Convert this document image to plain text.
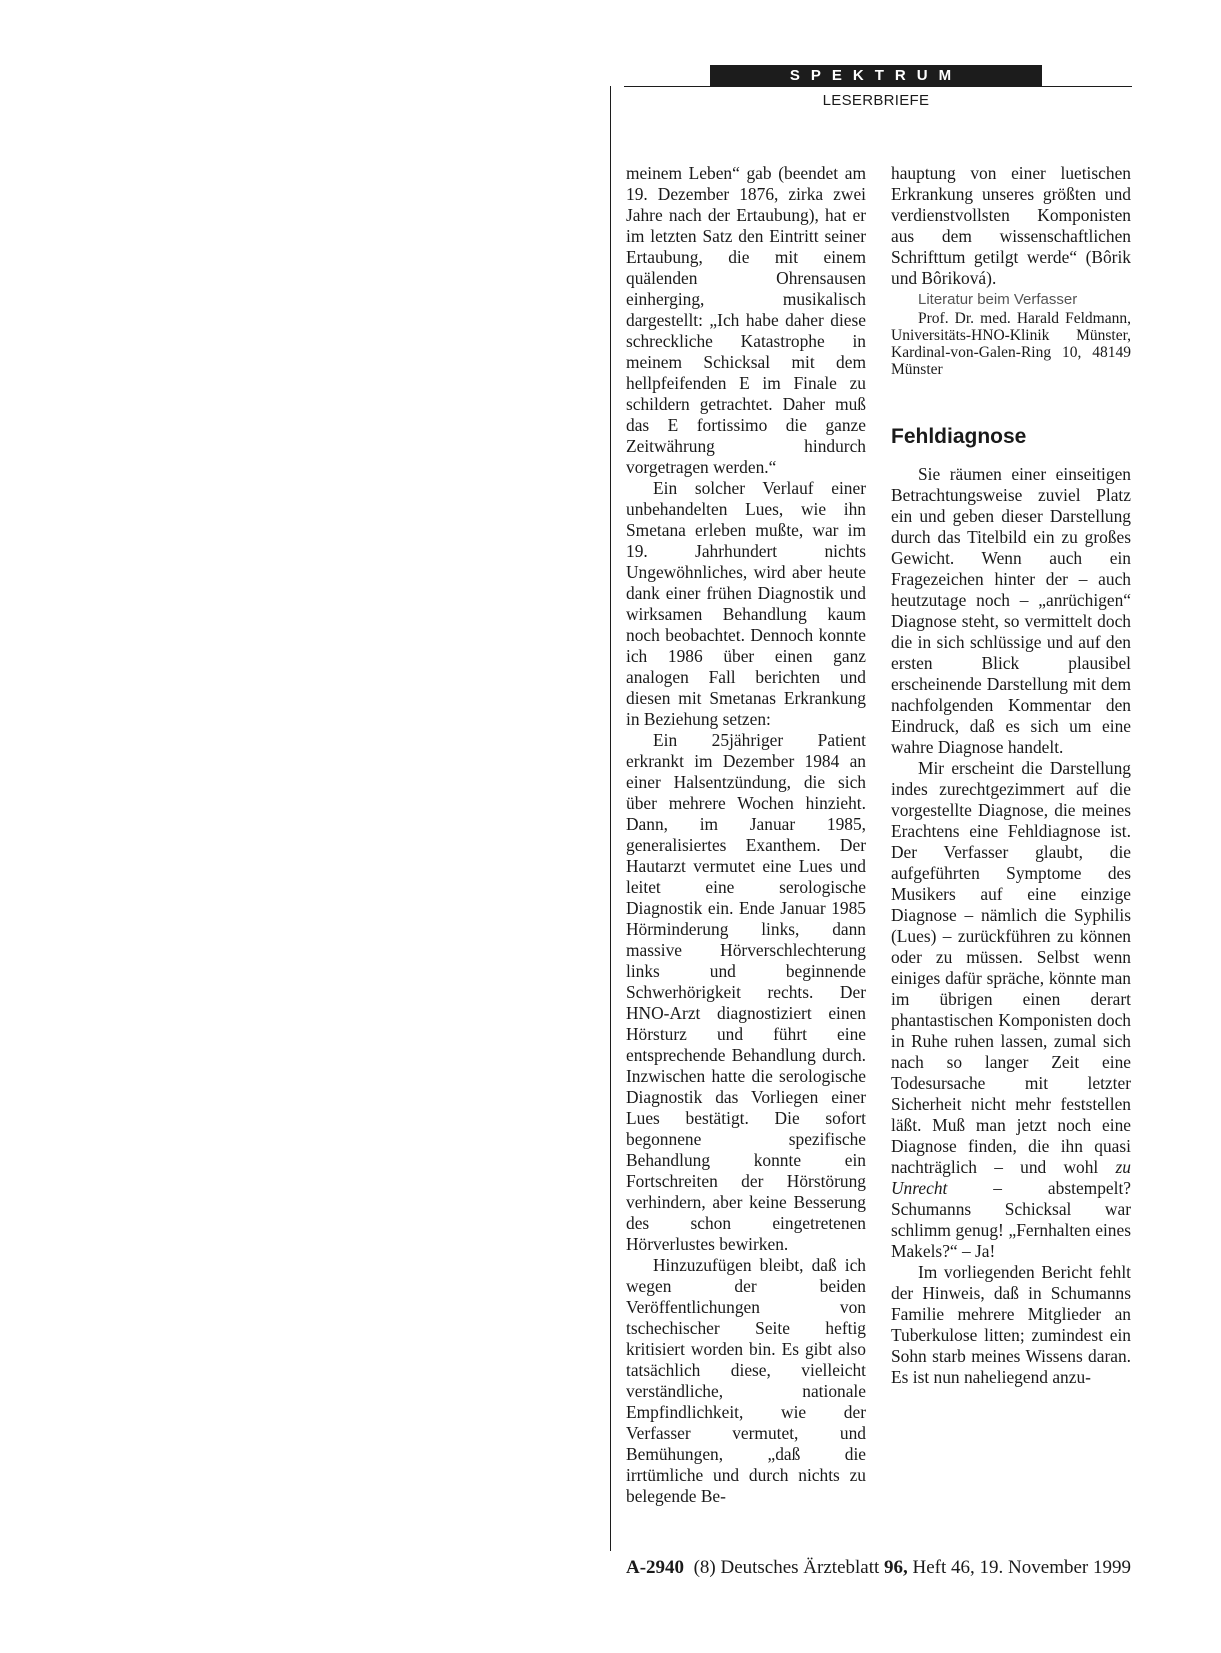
SPEKTRUM
LESERBRIEFE

meinem Leben“ gab (beendet am 19. Dezember 1876, zirka zwei Jahre nach der Ertaubung), hat er im letzten Satz den Eintritt seiner Ertaubung, die mit einem quälenden Ohrensausen einherging, musikalisch dargestellt: „Ich habe daher diese schreckliche Katastrophe in meinem Schicksal mit dem hellpfeifenden E im Finale zu schildern getrachtet. Daher muß das E fortissimo die ganze Zeitwährung hindurch vorgetragen werden.“

Ein solcher Verlauf einer unbehandelten Lues, wie ihn Smetana erleben mußte, war im 19. Jahrhundert nichts Ungewöhnliches, wird aber heute dank einer frühen Diagnostik und wirksamen Behandlung kaum noch beobachtet. Dennoch konnte ich 1986 über einen ganz analogen Fall berichten und diesen mit Smetanas Erkrankung in Beziehung setzen:

Ein 25jähriger Patient erkrankt im Dezember 1984 an einer Halsentzündung, die sich über mehrere Wochen hinzieht. Dann, im Januar 1985, generalisiertes Exanthem. Der Hautarzt vermutet eine Lues und leitet eine serologische Diagnostik ein. Ende Januar 1985 Hörminderung links, dann massive Hörverschlechterung links und beginnende Schwerhörigkeit rechts. Der HNO-Arzt diagnostiziert einen Hörsturz und führt eine entsprechende Behandlung durch. Inzwischen hatte die serologische Diagnostik das Vorliegen einer Lues bestätigt. Die sofort begonnene spezifische Behandlung konnte ein Fortschreiten der Hörstörung verhindern, aber keine Besserung des schon eingetretenen Hörverlustes bewirken.

Hinzuzufügen bleibt, daß ich wegen der beiden Veröffentlichungen von tschechischer Seite heftig kritisiert worden bin. Es gibt also tatsächlich diese, vielleicht verständliche, nationale Empfindlichkeit, wie der Verfasser vermutet, und Bemühungen, „daß die irrtümliche und durch nichts zu belegende Be-

hauptung von einer luetischen Erkrankung unseres größten und verdienstvollsten Komponisten aus dem wissenschaftlichen Schrifttum getilgt werde“ (Bôrik und Bôriková).

Literatur beim Verfasser

Prof. Dr. med. Harald Feldmann, Universitäts-HNO-Klinik Münster, Kardinal-von-Galen-Ring 10, 48149 Münster

Fehldiagnose

Sie räumen einer einseitigen Betrachtungsweise zuviel Platz ein und geben dieser Darstellung durch das Titelbild ein zu großes Gewicht. Wenn auch ein Fragezeichen hinter der – auch heutzutage noch – „anrüchigen“ Diagnose steht, so vermittelt doch die in sich schlüssige und auf den ersten Blick plausibel erscheinende Darstellung mit dem nachfolgenden Kommentar den Eindruck, daß es sich um eine wahre Diagnose handelt.

Mir erscheint die Darstellung indes zurechtgezimmert auf die vorgestellte Diagnose, die meines Erachtens eine Fehldiagnose ist. Der Verfasser glaubt, die aufgeführten Symptome des Musikers auf eine einzige Diagnose – nämlich die Syphilis (Lues) – zurückführen zu können oder zu müssen. Selbst wenn einiges dafür spräche, könnte man im übrigen einen derart phantastischen Komponisten doch in Ruhe ruhen lassen, zumal sich nach so langer Zeit eine Todesursache mit letzter Sicherheit nicht mehr feststellen läßt. Muß man jetzt noch eine Diagnose finden, die ihn quasi nachträglich – und wohl zu Unrecht	– abstempelt? Schumanns Schicksal war schlimm genug! „Fernhalten eines Makels?“ – Ja!

Im vorliegenden Bericht fehlt der Hinweis, daß in Schumanns Familie mehrere Mitglieder an Tuberkulose litten; zumindest ein Sohn starb meines Wissens daran. Es ist nun naheliegend anzu-

A-2940 (8) Deutsches Ärzteblatt 96, Heft 46, 19. November 1999
